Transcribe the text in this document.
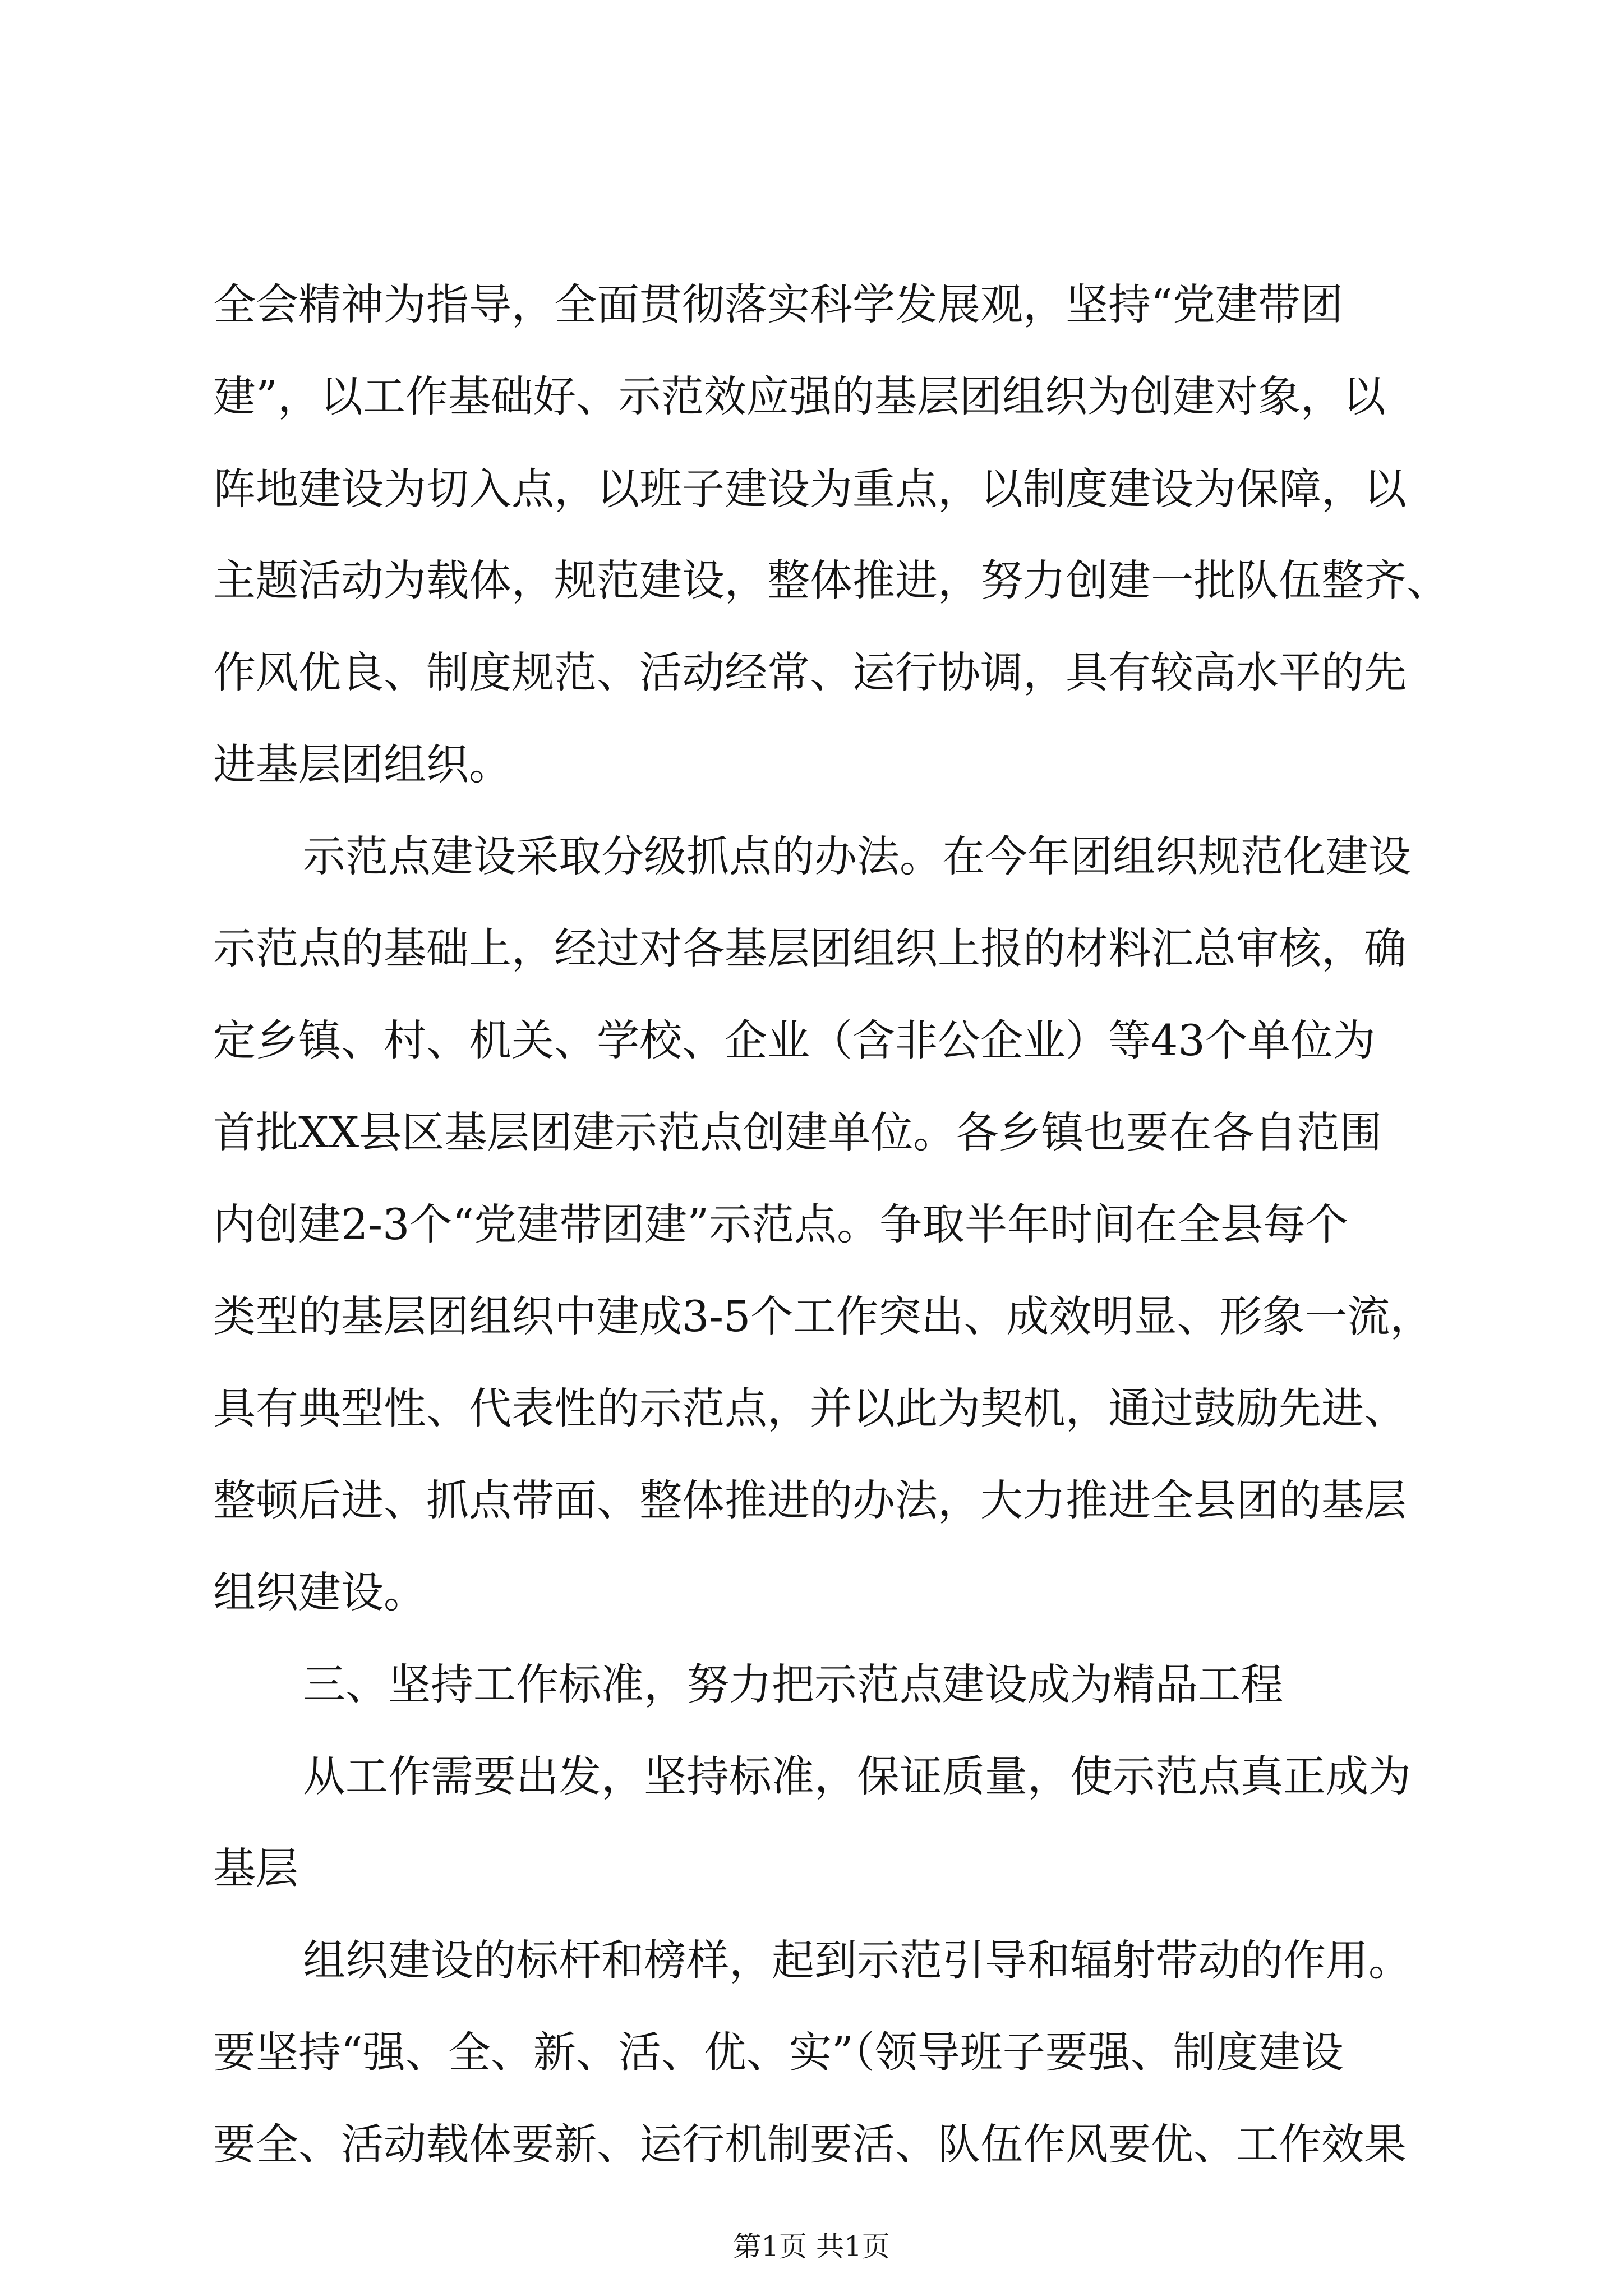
全会精神为指导，全面贯彻落实科学发展观，坚持“党建带团
建”，以工作基础好、示范效应强的基层团组织为创建对象，以
阵地建设为切入点，以班子建设为重点，以制度建设为保障，以
主题活动为载体，规范建设，整体推进，努力创建一批队伍整齐、
作风优良、制度规范、活动经常、运行协调，具有较高水平的先
进基层团组织。
示范点建设采取分级抓点的办法。在今年团组织规范化建设
示范点的基础上，经过对各基层团组织上报的材料汇总审核，确
定乡镇、村、机关、学校、企业（含非公企业）等43个单位为
首批XX县区基层团建示范点创建单位。各乡镇也要在各自范围
内创建2-3个“党建带团建”示范点。争取半年时间在全县每个
类型的基层团组织中建成3-5个工作突出、成效明显、形象一流，
具有典型性、代表性的示范点，并以此为契机，通过鼓励先进、
整顿后进、抓点带面、整体推进的办法，大力推进全县团的基层
组织建设。
三、坚持工作标准，努力把示范点建设成为精品工程
从工作需要出发，坚持标准，保证质量，使示范点真正成为
基层
组织建设的标杆和榜样，起到示范引导和辐射带动的作用。
要坚持“强、全、新、活、优、实”（领导班子要强、制度建设
要全、活动载体要新、运行机制要活、队伍作风要优、工作效果
第1页 共1页
